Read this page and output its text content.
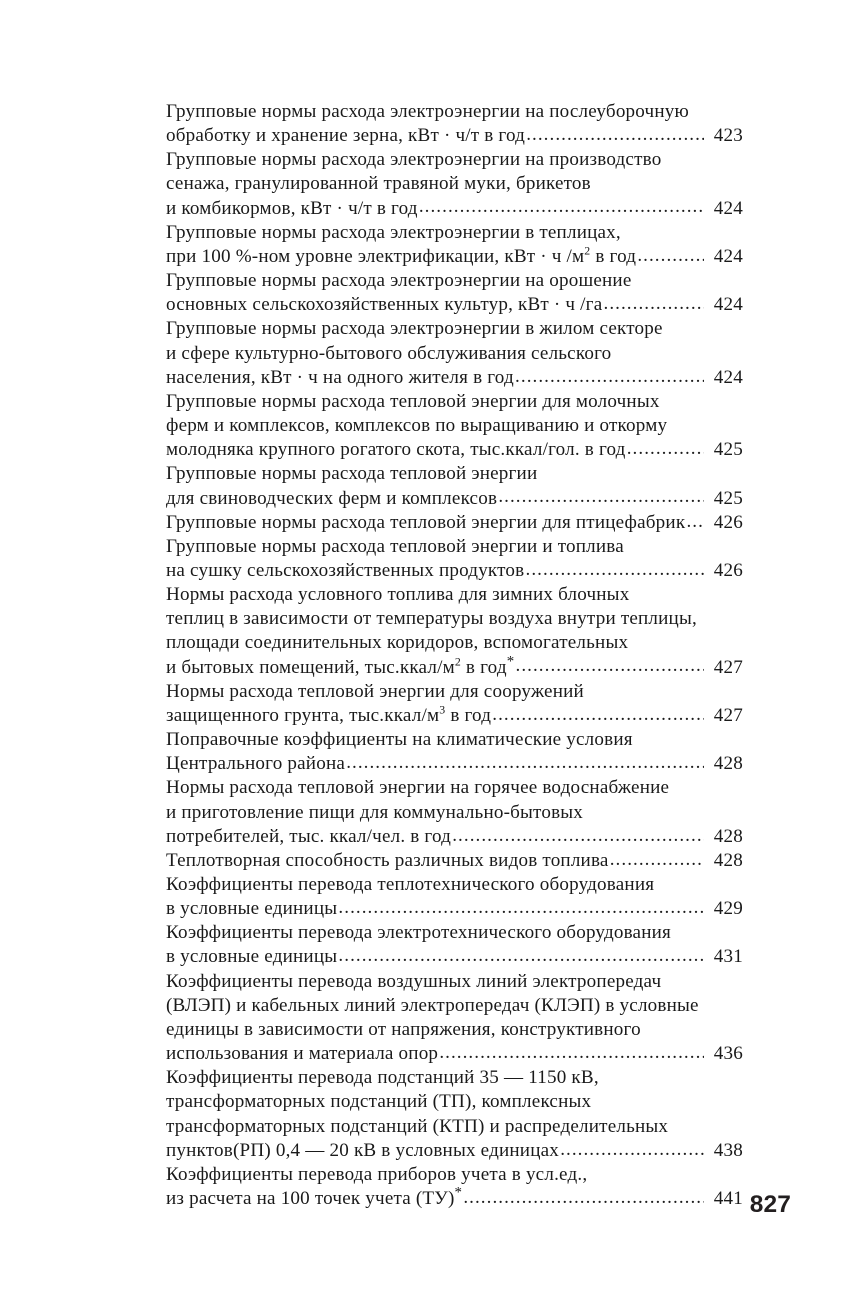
Групповые нормы расхода электроэнергии на послеуборочную
обработку и хранение зерна, кВт · ч/т в год .....	423
Групповые нормы расхода электроэнергии на производство
сенажа, гранулированной травяной муки, брикетов
и комбикормов, кВт · ч/т в год .....	424
Групповые нормы расхода электроэнергии в теплицах,
при 100 %-ном уровне электрификации, кВт · ч $/м^2$ в год .....	424
Групповые нормы расхода электроэнергии на орошение
основных сельскохозяйственных культур, кВт · ч /га .....	424
Групповые нормы расхода электроэнергии в жилом секторе
и сфере культурно-бытового обслуживания сельского
населения, кВт · ч на одного жителя в год .....	424
Групповые нормы расхода тепловой энергии для молочных
ферм и комплексов, комплексов по выращиванию и откорму
молодняка крупного рогатого скота, тыс.ккал/гол. в год .....	425
Групповые нормы расхода тепловой энергии
для свиноводческих ферм и комплексов .....	425
Групповые нормы расхода тепловой энергии для птицефабрик .....	426
Групповые нормы расхода тепловой энергии и топлива
на сушку сельскохозяйственных продуктов .....	426
Нормы расхода условного топлива для зимних блочных
теплиц в зависимости от температуры воздуха внутри теплицы,
площади соединительных коридоров, вспомогательных
и бытовых помещений, $тыс.ккал/м^2$ в год* .....	427
Нормы расхода тепловой энергии для сооружений
защищенного грунта, $тыс.ккал/м^3$ в год .....	427
Поправочные коэффициенты на климатические условия
Центрального района .....	428
Нормы расхода тепловой энергии на горячее водоснабжение
и приготовление пищи для коммунально-бытовых
потребителей, тыс. ккал/чел. в год .....	428
Теплотворная способность различных видов топлива .....	428
Коэффициенты перевода теплотехнического оборудования
в условные единицы .....	429
Коэффициенты перевода электротехнического оборудования
в условные единицы .....	431
Коэффициенты перевода воздушных линий электропередач
(ВЛЭП) и кабельных линий электропередач (КЛЭП) в условные
единицы в зависимости от напряжения, конструктивного
использования и материала опор .....	436
Коэффициенты перевода подстанций 35 — 1150 кВ,
трансформаторных подстанций (ТП), комплексных
трансформаторных подстанций (КТП) и распределительных
пунктов(РП) 0,4 — 20 кВ в условных единицах .....	438
Коэффициенты перевода приборов учета в усл.ед.,
из расчета на 100 точек учета (ТУ)* .....	441 827
